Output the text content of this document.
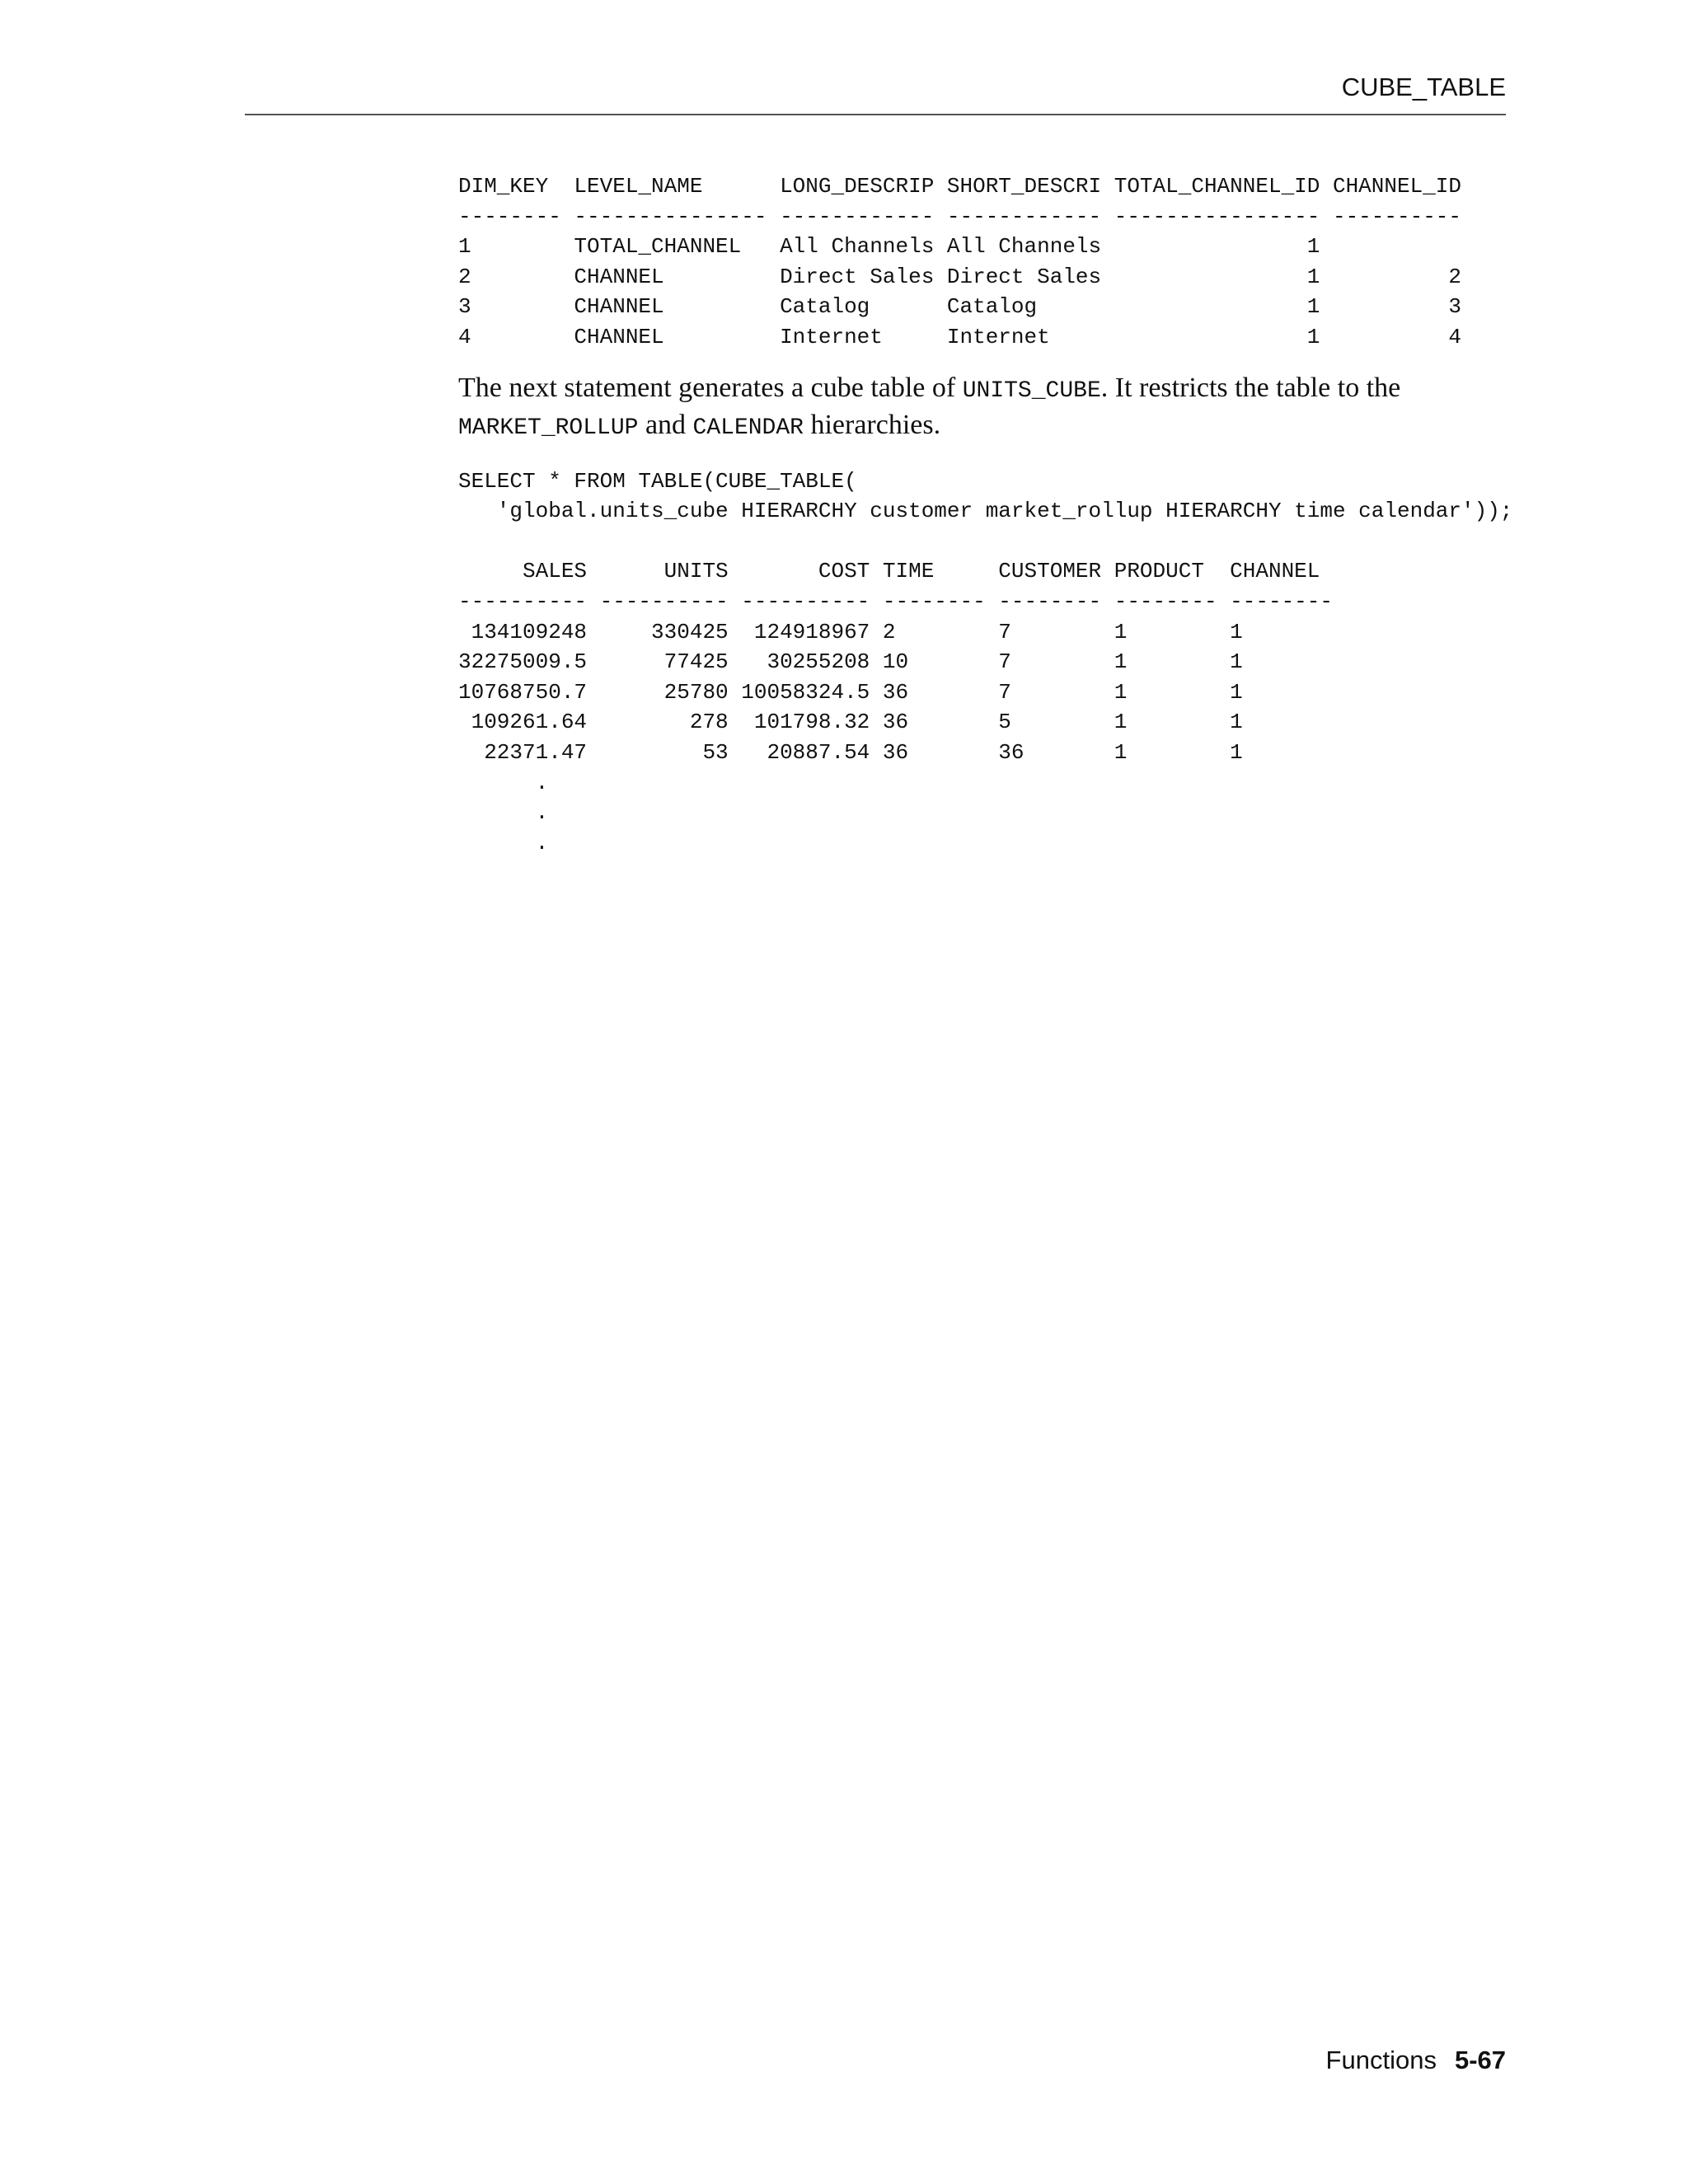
CUBE_TABLE
DIM_KEY  LEVEL_NAME      LONG_DESCRIP SHORT_DESCRI TOTAL_CHANNEL_ID CHANNEL_ID
-------- --------------- ------------ ------------ ---------------- ----------
1        TOTAL_CHANNEL   All Channels All Channels                1
2        CHANNEL         Direct Sales Direct Sales                1          2
3        CHANNEL         Catalog      Catalog                     1          3
4        CHANNEL         Internet     Internet                    1          4

The next statement generates a cube table of UNITS_CUBE. It restricts the table to the
MARKET_ROLLUP and CALENDAR hierarchies.

SELECT * FROM TABLE(CUBE_TABLE(
'global.units_cube HIERARCHY customer market_rollup HIERARCHY time calendar'));
SALES      UNITS       COST TIME     CUSTOMER PRODUCT  CHANNEL
---------- ---------- ---------- -------- -------- -------- --------
134109248     330425  124918967 2        7        1        1
32275009.5      77425   30255208 10       7        1        1
10768750.7      25780 10058324.5 36       7        1        1
109261.64        278  101798.32 36       5        1        1
22371.47         53   20887.54 36       36       1        1
.
.
.
Functions 5-67
